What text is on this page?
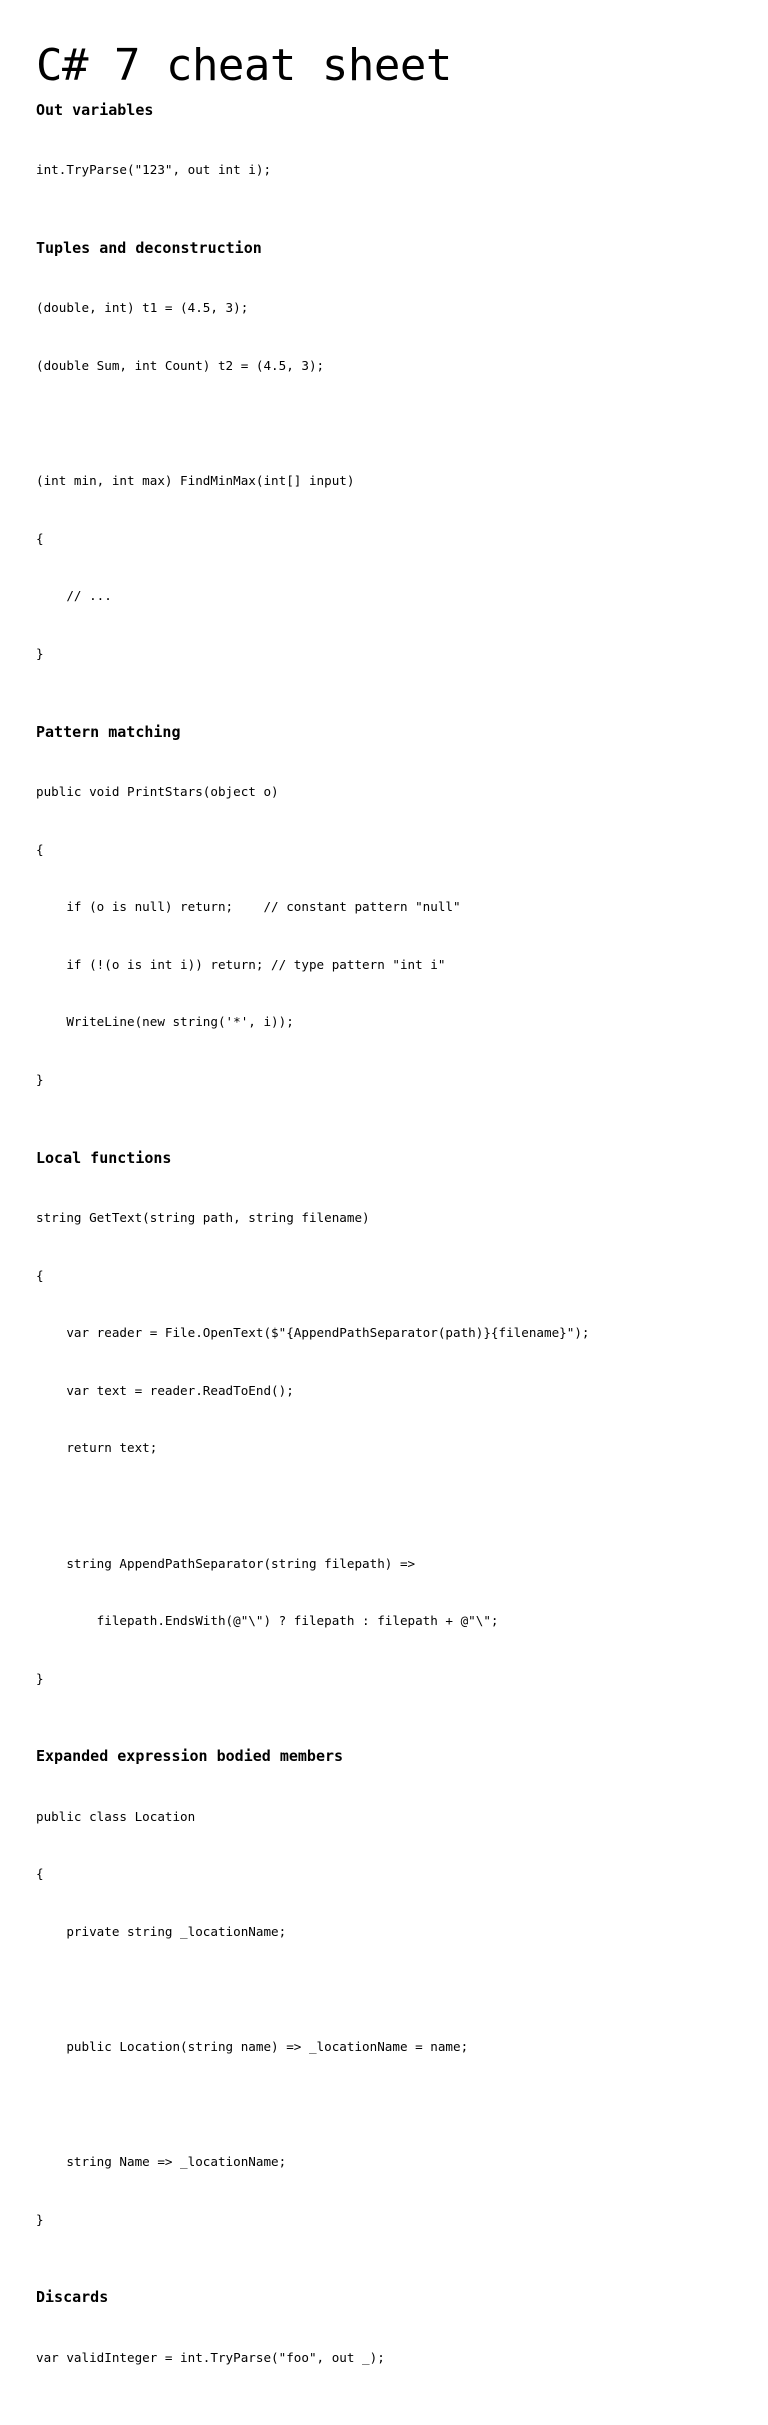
C# 7 cheat sheet
Out variables

int.TryParse("123", out int i);

Tuples and deconstruction

(double, int) t1 = (4.5, 3);

(double Sum, int Count) t2 = (4.5, 3);

(int min, int max) FindMinMax(int[] input)

{

// ...

}

Pattern matching

public void PrintStars(object o)

{

if (o is null) return;    // constant pattern "null"

if (!(o is int i)) return; // type pattern "int i"

WriteLine(new string('*', i));

}

Local functions

string GetText(string path, string filename)

{

var reader = File.OpenText($"{AppendPathSeparator(path)}{filename}");

var text = reader.ReadToEnd();

return text;

string AppendPathSeparator(string filepath) =>

filepath.EndsWith(@"\") ? filepath : filepath + @"\";

}

Expanded expression bodied members

public class Location

{

private string _locationName;

public Location(string name) => _locationName = name;

string Name => _locationName;

}

Discards

var validInteger = int.TryParse("foo", out _);
